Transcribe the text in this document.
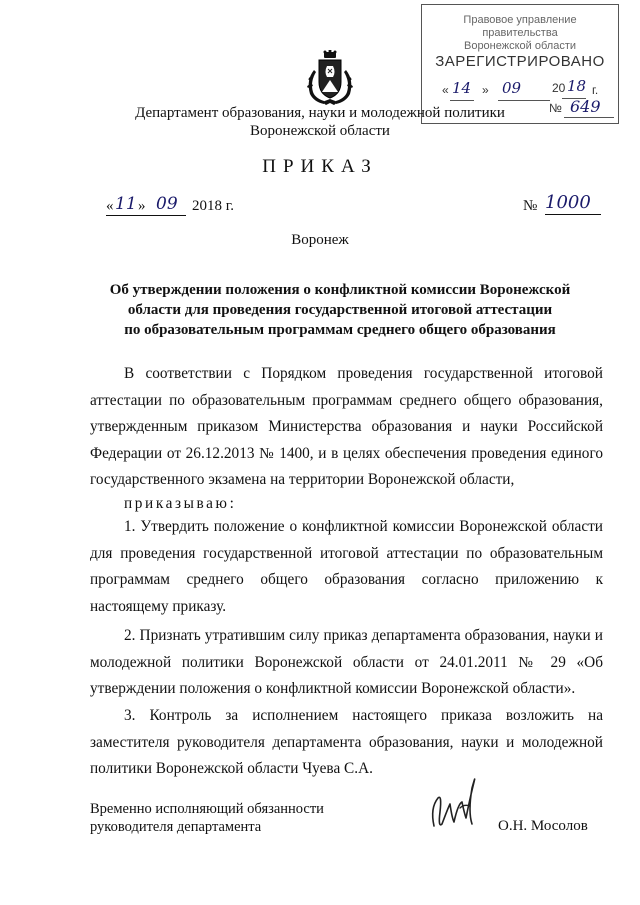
Правовое управление правительства
Воронежской области
ЗАРЕГИСТРИРОВАНО
« 14 » 09	20 18 г.
№ 649
Департамент образования, науки и молодежной политики
Воронежской области
ПРИКАЗ
« 11 » 09 2018 г.	№ 1000
Воронеж
Об утверждении положения о конфликтной комиссии Воронежской
области для проведения государственной итоговой аттестации
по образовательным программам среднего общего образования
В соответствии с Порядком проведения государственной итоговой аттестации по образовательным программам среднего общего образования, утвержденным приказом Министерства образования и науки Российской Федерации от 26.12.2013 № 1400, и в целях обеспечения проведения единого государственного экзамена на территории Воронежской области,
приказываю:
1. Утвердить положение о конфликтной комиссии Воронежской области для проведения государственной итоговой аттестации по образовательным программам среднего общего образования согласно приложению к настоящему приказу.
2. Признать утратившим силу приказ департамента образования, науки и молодежной политики Воронежской области от 24.01.2011 № 29 «Об утверждении положения о конфликтной комиссии Воронежской области».
3. Контроль за исполнением настоящего приказа возложить на заместителя руководителя департамента образования, науки и молодежной политики Воронежской области Чуева С.А.
Временно исполняющий обязанности
руководителя департамента	О.Н. Мосолов
